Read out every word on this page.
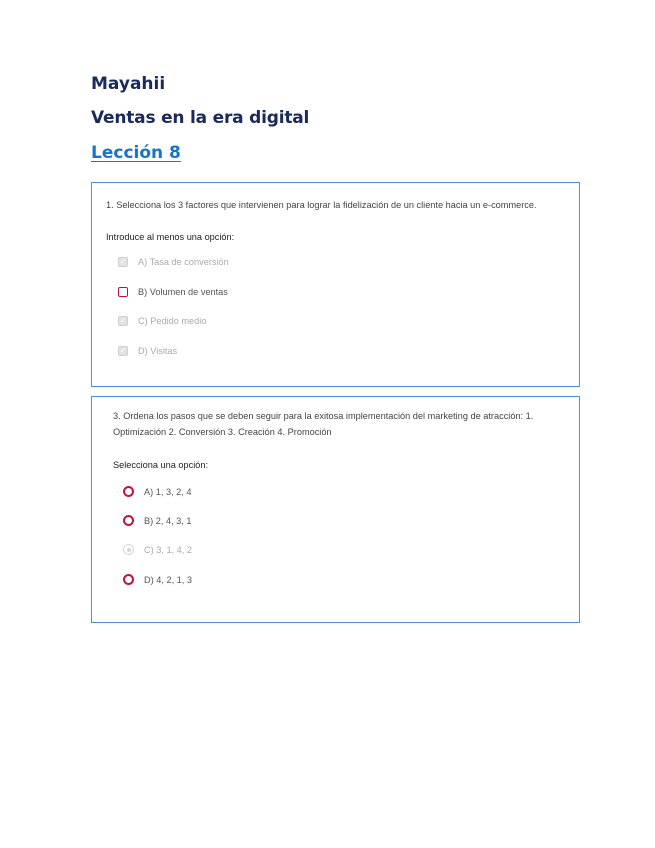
Mayahii
Ventas en la era digital
Lección 8
1. Selecciona los 3 factores que intervienen para lograr la fidelización de un cliente hacia un e-commerce.
Introduce al menos una opción:
✓ A) Tasa de conversión
B) Volumen de ventas
✓ C) Pedido medio
✓ D) Visitas
3. Ordena los pasos que se deben seguir para la exitosa implementación del marketing de atracción: 1. Optimización 2. Conversión 3. Creación 4. Promoción
Selecciona una opción:
A) 1, 3, 2, 4
B) 2, 4, 3, 1
C) 3, 1, 4, 2
D) 4, 2, 1, 3
